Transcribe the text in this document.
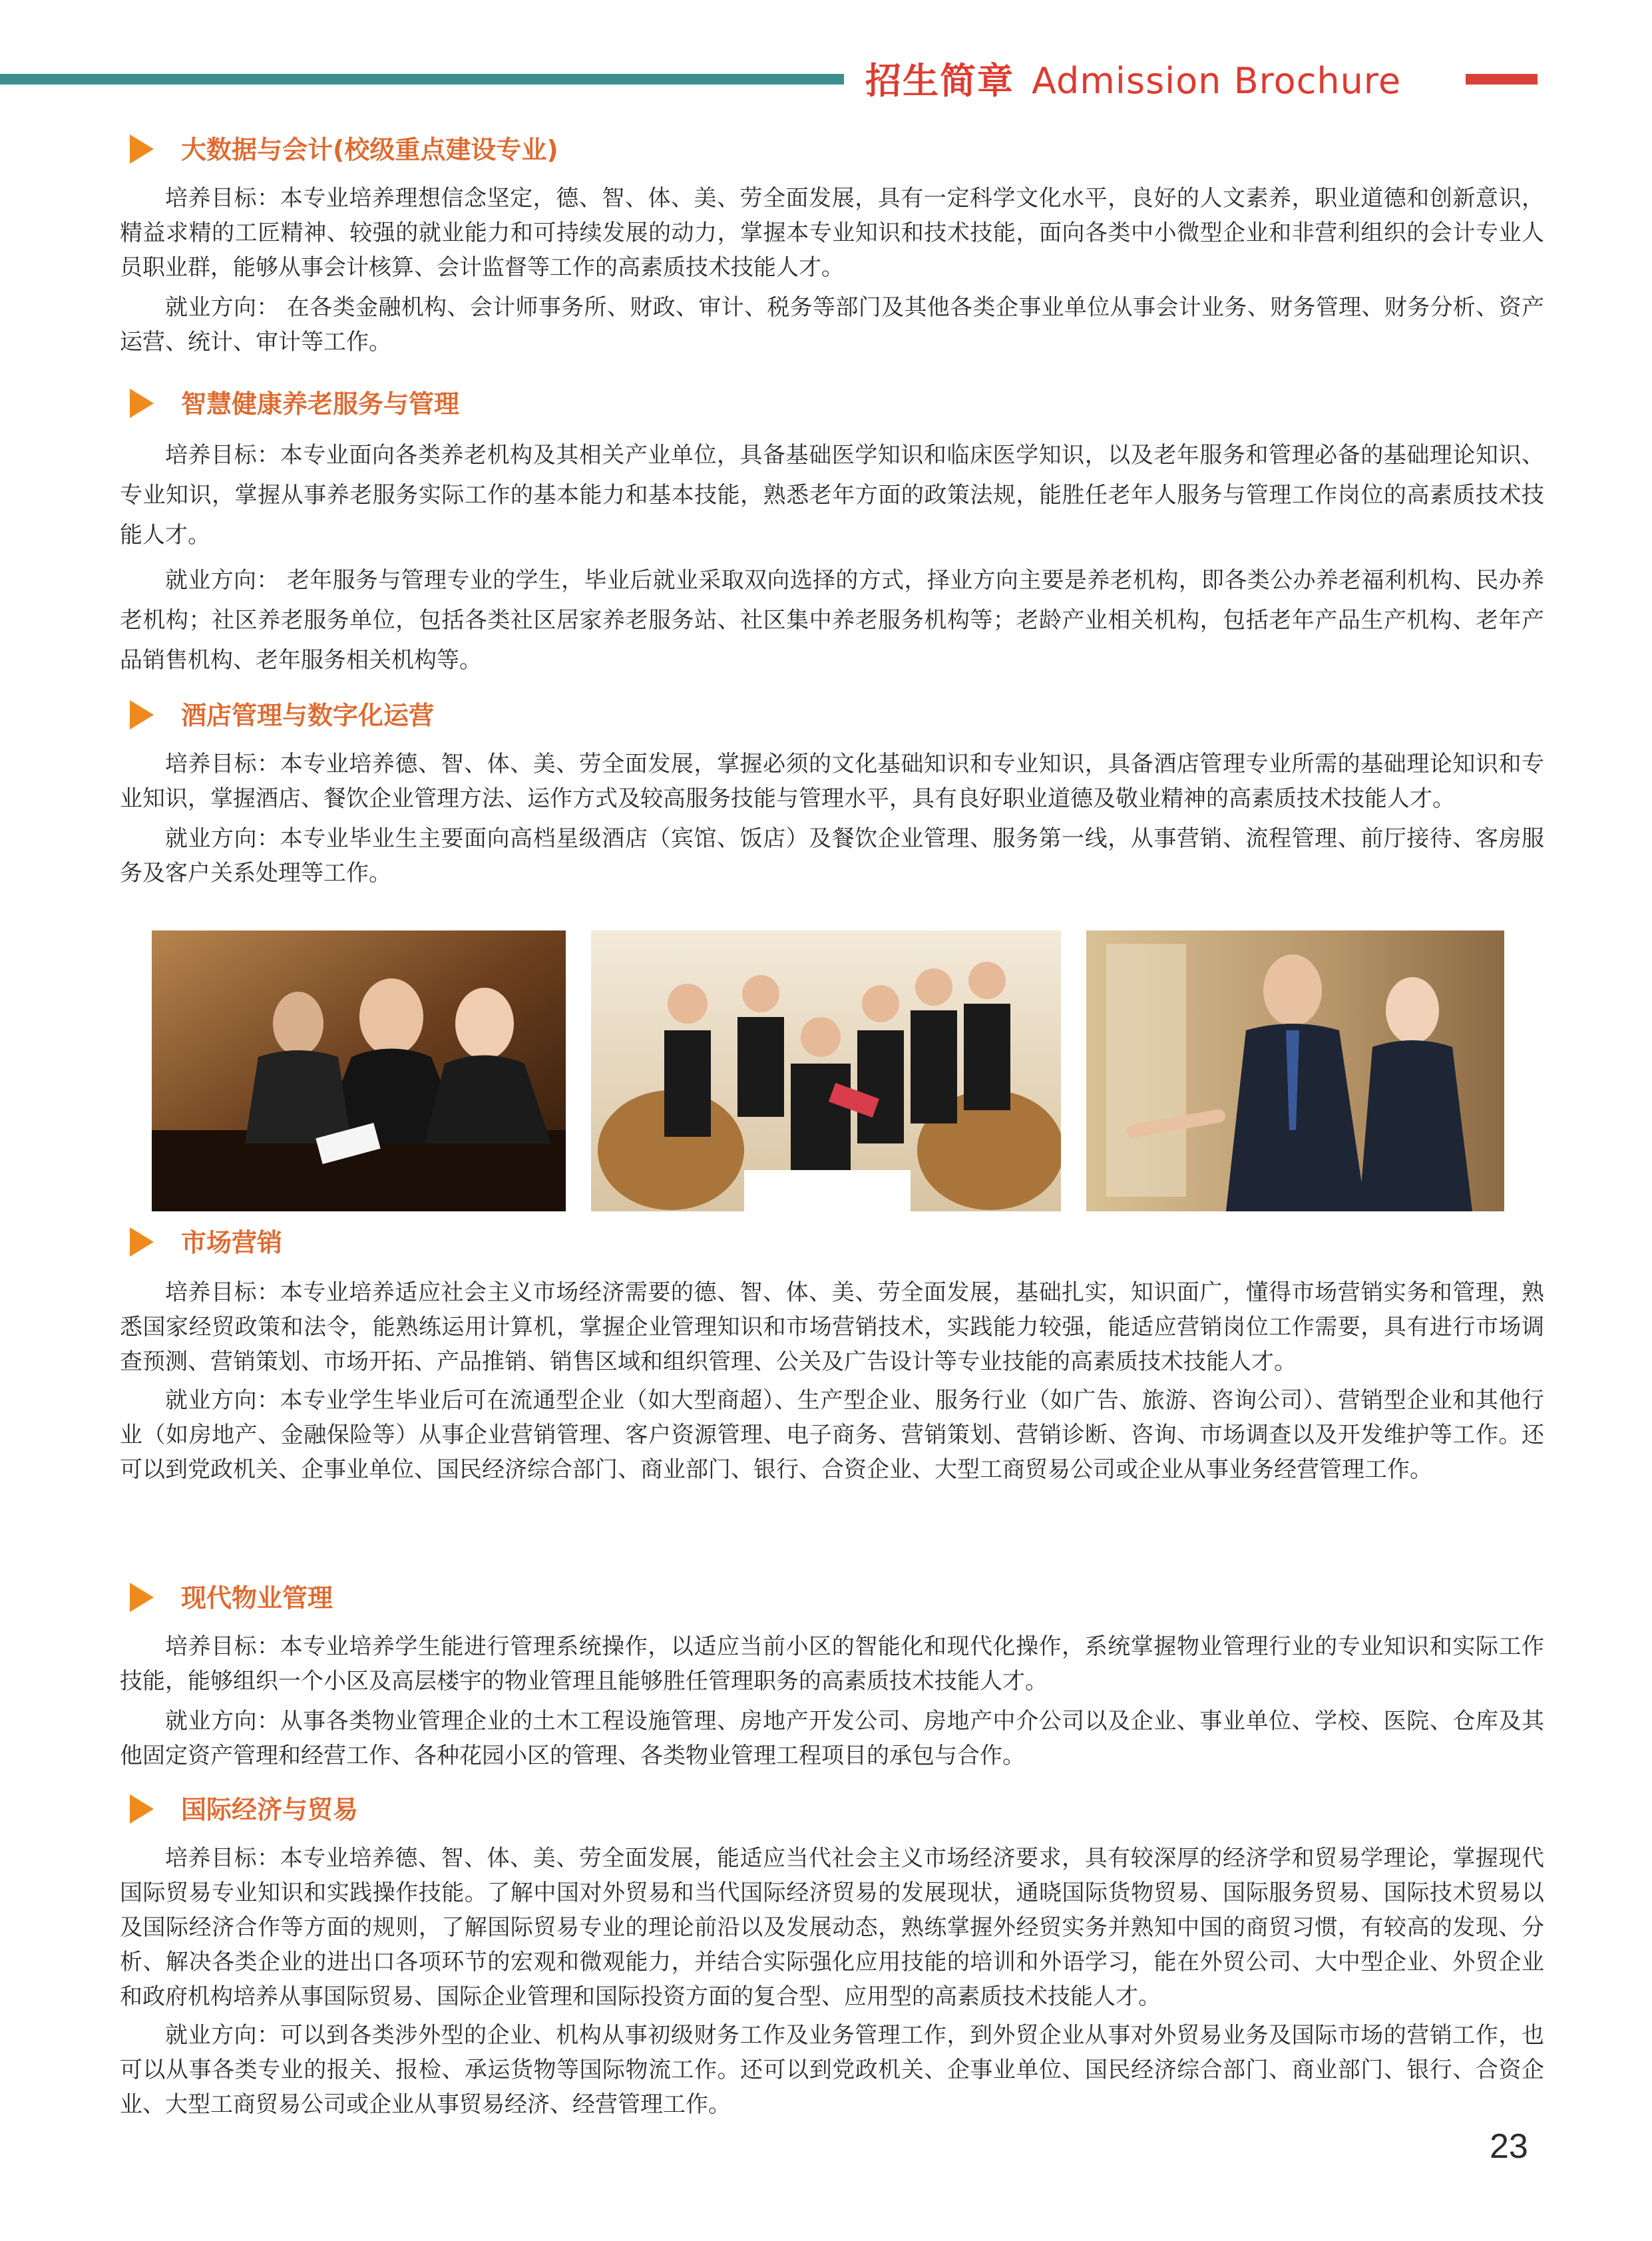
招生简章 Admission Brochure
大数据与会计(校级重点建设专业)

培养目标：本专业培养理想信念坚定，德、智、体、美、劳全面发展，具有一定科学文化水平，良好的人文素养，职业道德和创新意识，精益求精的工匠精神、较强的就业能力和可持续发展的动力，掌握本专业知识和技术技能，面向各类中小微型企业和非营利组织的会计专业人员职业群，能够从事会计核算、会计监督等工作的高素质技术技能人才。

就业方向： 在各类金融机构、会计师事务所、财政、审计、税务等部门及其他各类企事业单位从事会计业务、财务管理、财务分析、资产运营、统计、审计等工作。

智慧健康养老服务与管理

培养目标：本专业面向各类养老机构及其相关产业单位，具备基础医学知识和临床医学知识，以及老年服务和管理必备的基础理论知识、专业知识，掌握从事养老服务实际工作的基本能力和基本技能，熟悉老年方面的政策法规，能胜任老年人服务与管理工作岗位的高素质技术技能人才。

就业方向： 老年服务与管理专业的学生，毕业后就业采取双向选择的方式，择业方向主要是养老机构，即各类公办养老福利机构、民办养老机构；社区养老服务单位，包括各类社区居家养老服务站、社区集中养老服务机构等；老龄产业相关机构，包括老年产品生产机构、老年产品销售机构、老年服务相关机构等。

酒店管理与数字化运营

培养目标：本专业培养德、智、体、美、劳全面发展，掌握必须的文化基础知识和专业知识，具备酒店管理专业所需的基础理论知识和专业知识，掌握酒店、餐饮企业管理方法、运作方式及较高服务技能与管理水平，具有良好职业道德及敬业精神的高素质技术技能人才。

就业方向：本专业毕业生主要面向高档星级酒店（宾馆、饭店）及餐饮企业管理、服务第一线，从事营销、流程管理、前厅接待、客房服务及客户关系处理等工作。

市场营销

培养目标：本专业培养适应社会主义市场经济需要的德、智、体、美、劳全面发展，基础扎实，知识面广，懂得市场营销实务和管理，熟悉国家经贸政策和法令，能熟练运用计算机，掌握企业管理知识和市场营销技术，实践能力较强，能适应营销岗位工作需要，具有进行市场调查预测、营销策划、市场开拓、产品推销、销售区域和组织管理、公关及广告设计等专业技能的高素质技术技能人才。

就业方向：本专业学生毕业后可在流通型企业（如大型商超）、生产型企业、服务行业（如广告、旅游、咨询公司）、营销型企业和其他行业（如房地产、金融保险等）从事企业营销管理、客户资源管理、电子商务、营销策划、营销诊断、咨询、市场调查以及开发维护等工作。还可以到党政机关、企事业单位、国民经济综合部门、商业部门、银行、合资企业、大型工商贸易公司或企业从事业务经营管理工作。

现代物业管理

培养目标：本专业培养学生能进行管理系统操作，以适应当前小区的智能化和现代化操作，系统掌握物业管理行业的专业知识和实际工作技能，能够组织一个小区及高层楼宇的物业管理且能够胜任管理职务的高素质技术技能人才。

就业方向：从事各类物业管理企业的土木工程设施管理、房地产开发公司、房地产中介公司以及企业、事业单位、学校、医院、仓库及其他固定资产管理和经营工作、各种花园小区的管理、各类物业管理工程项目的承包与合作。

国际经济与贸易

培养目标：本专业培养德、智、体、美、劳全面发展，能适应当代社会主义市场经济要求，具有较深厚的经济学和贸易学理论，掌握现代国际贸易专业知识和实践操作技能。了解中国对外贸易和当代国际经济贸易的发展现状，通晓国际货物贸易、国际服务贸易、国际技术贸易以及国际经济合作等方面的规则，了解国际贸易专业的理论前沿以及发展动态，熟练掌握外经贸实务并熟知中国的商贸习惯，有较高的发现、分析、解决各类企业的进出口各项环节的宏观和微观能力，并结合实际强化应用技能的培训和外语学习，能在外贸公司、大中型企业、外贸企业和政府机构培养从事国际贸易、国际企业管理和国际投资方面的复合型、应用型的高素质技术技能人才。

就业方向：可以到各类涉外型的企业、机构从事初级财务工作及业务管理工作，到外贸企业从事对外贸易业务及国际市场的营销工作，也可以从事各类专业的报关、报检、承运货物等国际物流工作。还可以到党政机关、企事业单位、国民经济综合部门、商业部门、银行、合资企业、大型工商贸易公司或企业从事贸易经济、经营管理工作。

23
